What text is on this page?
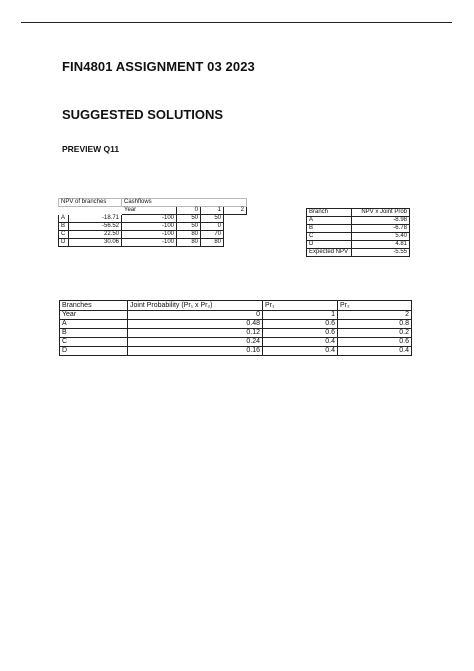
FIN4801 ASSIGNMENT 03 2023
SUGGESTED SOLUTIONS
PREVIEW Q11
NPV of branches		Cashflows			
		Year	0	1	2
A	-18.71	-100	50	50	
B	-56.52	-100	50	0	
C	22.50	-100	80	70	
D	30.06	-100	80	80	
Branch	NPV x Joint Prob
A	-8.98
B	-6.78
C	5.40
D	4.81
Expected NPV	-5.55
Branches	Joint Probability (Pr₁ x Pr₂)	Pr₁	Pr₂
Year	0	1	2
A	0.48	0.6	0.8
B	0.12	0.6	0.2
C	0.24	0.4	0.6
D	0.16	0.4	0.4
